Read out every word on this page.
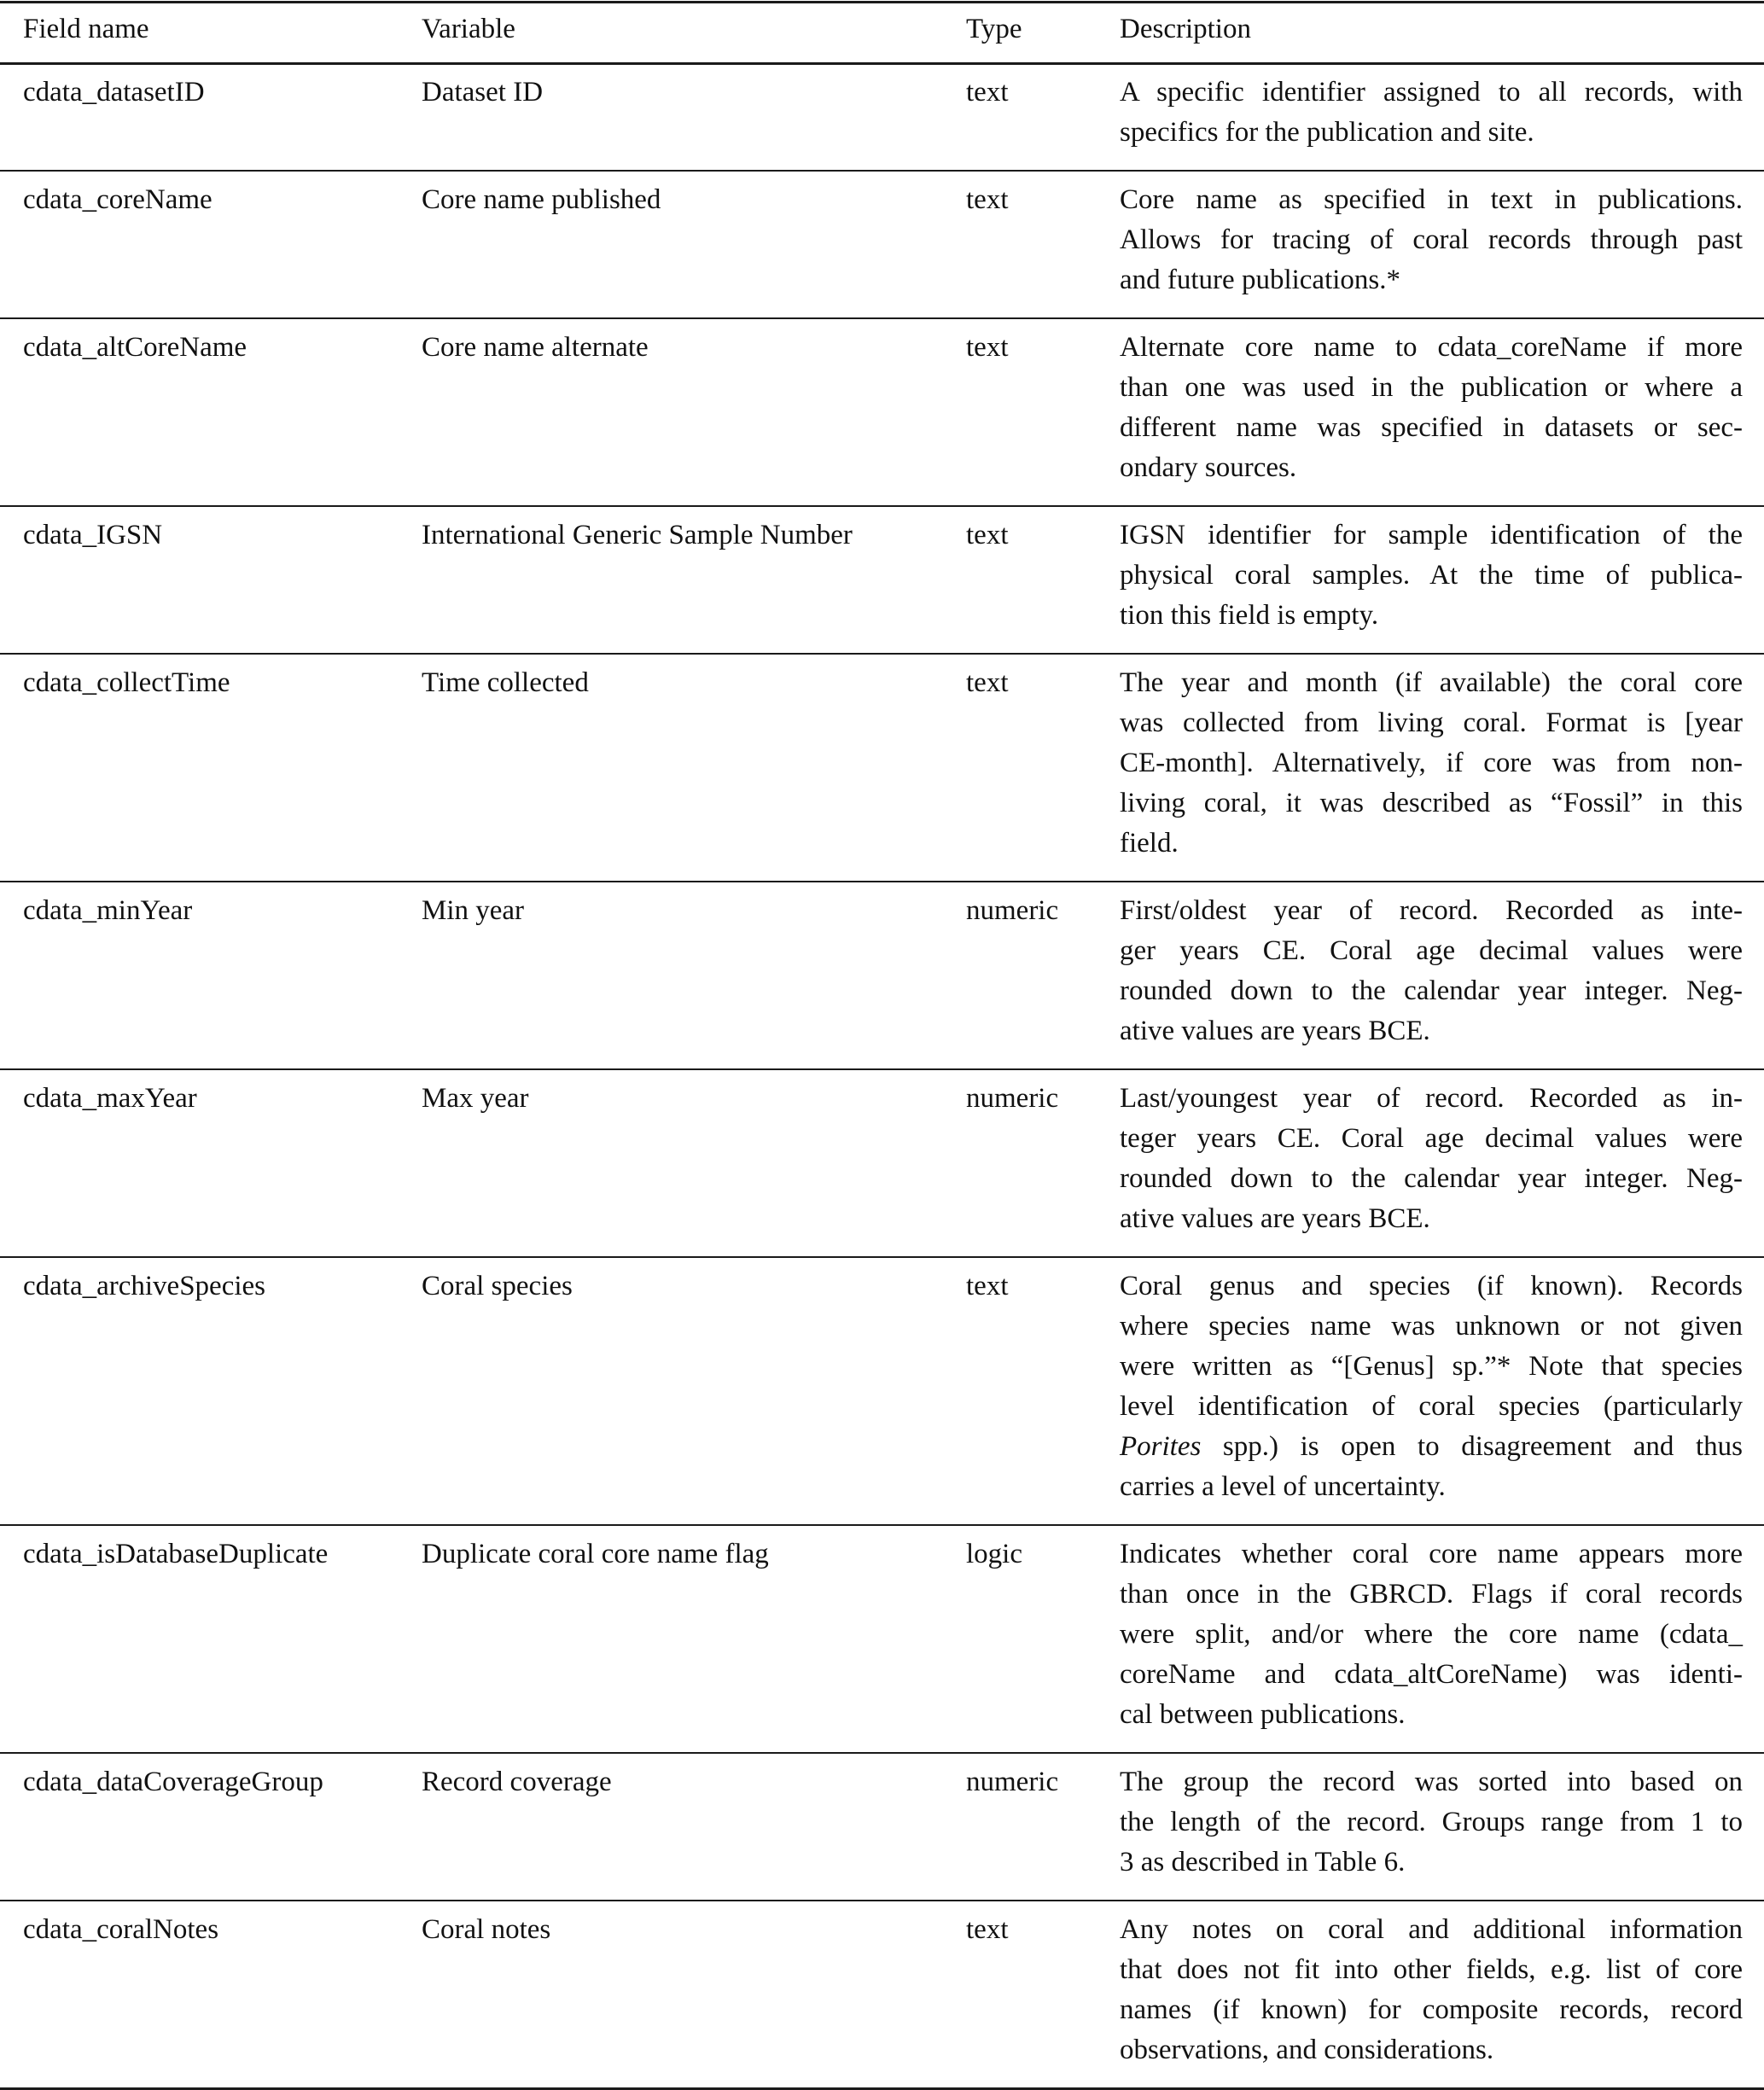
Field name	Variable	Type	Description
cdata_datasetID	Dataset ID	text	A specific identifier assigned to all records, with
specifics for the publication and site.
cdata_coreName	Core name published	text	Core name as specified in text in publications.
Allows for tracing of coral records through past
and future publications.*
cdata_altCoreName	Core name alternate	text	Alternate core name to cdata_coreName if more
than one was used in the publication or where a
different name was specified in datasets or sec-
ondary sources.
cdata_IGSN	International Generic Sample Number	text	IGSN identifier for sample identification of the
physical coral samples. At the time of publica-
tion this field is empty.
cdata_collectTime	Time collected	text	The year and month (if available) the coral core
was collected from living coral. Format is [year
CE-month]. Alternatively, if core was from non-
living coral, it was described as “Fossil” in this
field.
cdata_minYear	Min year	numeric First/oldest year of record. Recorded as inte-
ger years CE. Coral age decimal values were
rounded down to the calendar year integer. Neg-
ative values are years BCE.
cdata_maxYear	Max year	numeric Last/youngest year of record. Recorded as in-
teger years CE. Coral age decimal values were
rounded down to the calendar year integer. Neg-
ative values are years BCE.
cdata_archiveSpecies	Coral species	text	Coral genus and species (if known). Records
where species name was unknown or not given
were written as “[Genus] sp.”* Note that species
level identification of coral species (particularly
Porites spp.) is open to disagreement and thus
carries a level of uncertainty.
cdata_isDatabaseDuplicate	Duplicate coral core name flag	logic	Indicates whether coral core name appears more
than once in the GBRCD. Flags if coral records
were split, and/or where the core name (cdata_
coreName and cdata_altCoreName) was identi-
cal between publications.
cdata_dataCoverageGroup	Record coverage	numeric The group the record was sorted into based on
the length of the record. Groups range from 1 to
3 as described in Table 6.
cdata_coralNotes	Coral notes	text	Any notes on coral and additional information
that does not fit into other fields, e.g. list of core
names (if known) for composite records, record
observations, and considerations.
